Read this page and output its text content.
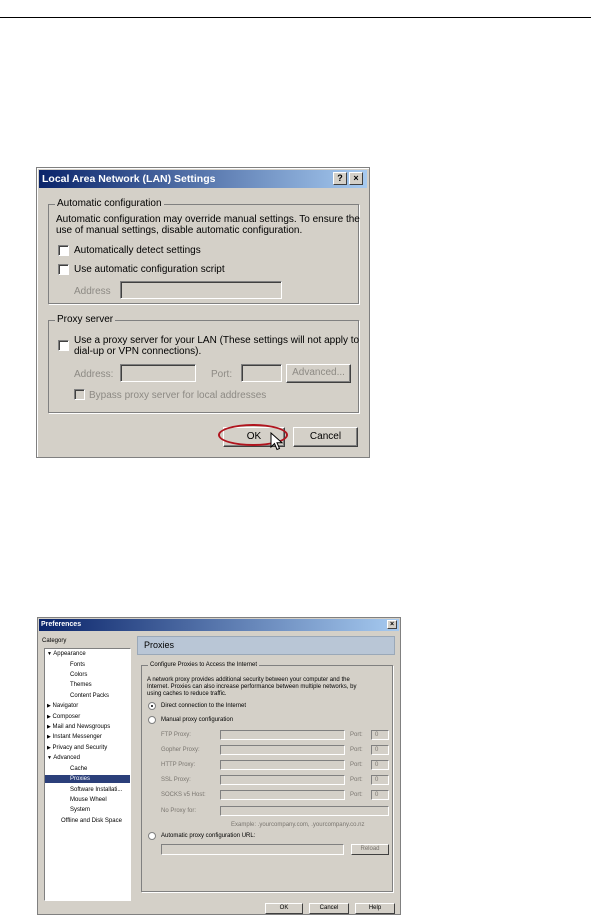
Local Area Network (LAN) Settings	?	×
Automatic configuration
Automatic configuration may override manual settings. To ensure the
use of manual settings, disable automatic configuration.
Automatically detect settings
Use automatic configuration script
Address
Proxy server
Use a proxy server for your LAN (These settings will not apply to
dial-up or VPN connections).
Address:	Port:	Advanced...
Bypass proxy server for local addresses
OK	Cancel
Preferences	×
Category
▼ Appearance
Fonts
Colors
Themes
Content Packs
▶ Navigator
▶ Composer
▶ Mail and Newsgroups
▶ Instant Messenger
▶ Privacy and Security
▼ Advanced
Cache
Proxies
Software Installati...
Mouse Wheel
System
Offline and Disk Space
Proxies
Configure Proxies to Access the Internet
A network proxy provides additional security between your computer and the
Internet. Proxies can also increase performance between multiple networks, by
using caches to reduce traffic.
Direct connection to the Internet
Manual proxy configuration
FTP Proxy:	Port:	0
Gopher Proxy:	Port:	0
HTTP Proxy:	Port:	0
SSL Proxy:	Port:	0
SOCKS v5 Host:	Port:	0
No Proxy for:
Example: .yourcompany.com, .yourcompany.co.nz
Automatic proxy configuration URL:
Reload
OK	Cancel	Help
